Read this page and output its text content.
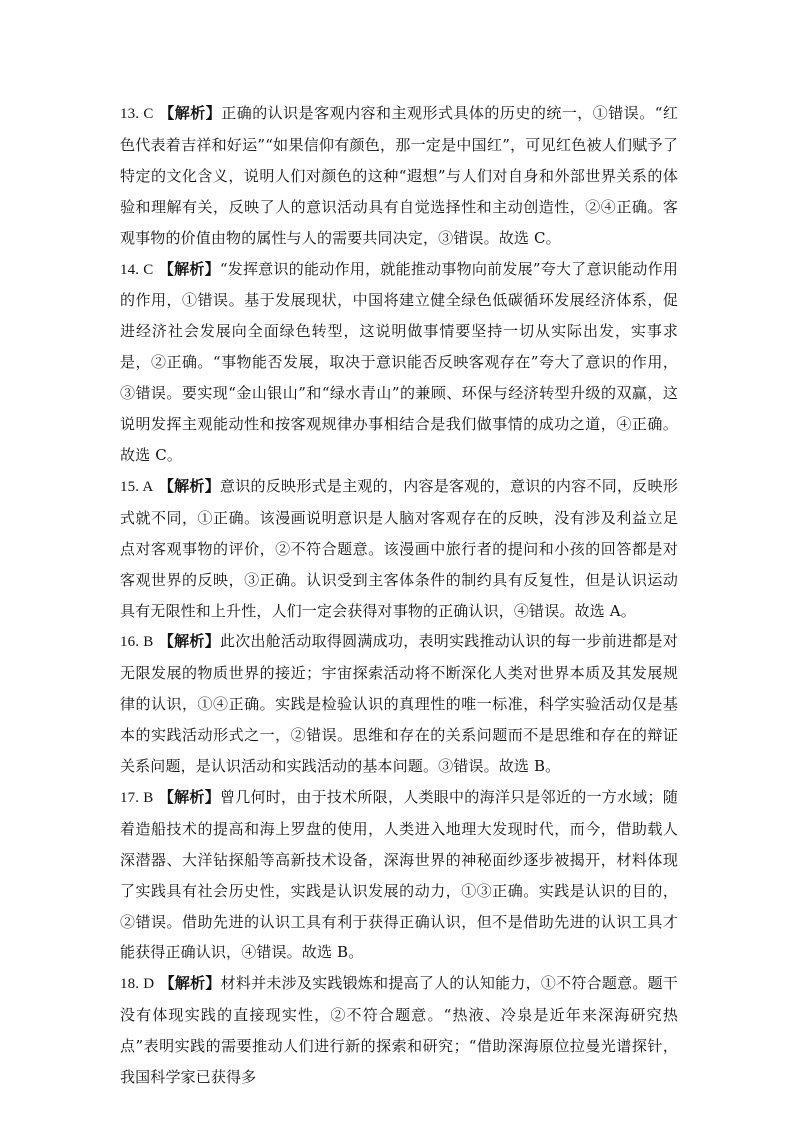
13. C 【解析】正确的认识是客观内容和主观形式具体的历史的统一，①错误。“红色代表着吉祥和好运”“如果信仰有颜色，那一定是中国红”，可见红色被人们赋予了特定的文化含义，说明人们对颜色的这种“遐想”与人们对自身和外部世界关系的体验和理解有关，反映了人的意识活动具有自觉选择性和主动创造性，②④正确。客观事物的价值由物的属性与人的需要共同决定，③错误。故选 C。

14. C 【解析】“发挥意识的能动作用，就能推动事物向前发展”夸大了意识能动作用的作用，①错误。基于发展现状，中国将建立健全绿色低碳循环发展经济体系，促进经济社会发展向全面绿色转型，这说明做事情要坚持一切从实际出发，实事求是，②正确。“事物能否发展，取决于意识能否反映客观存在”夸大了意识的作用，③错误。要实现“金山银山”和“绿水青山”的兼顾、环保与经济转型升级的双赢，这说明发挥主观能动性和按客观规律办事相结合是我们做事情的成功之道，④正确。故选 C。

15. A 【解析】意识的反映形式是主观的，内容是客观的，意识的内容不同，反映形式就不同，①正确。该漫画说明意识是人脑对客观存在的反映，没有涉及利益立足点对客观事物的评价，②不符合题意。该漫画中旅行者的提问和小孩的回答都是对客观世界的反映，③正确。认识受到主客体条件的制约具有反复性，但是认识运动具有无限性和上升性，人们一定会获得对事物的正确认识，④错误。故选 A。

16. B 【解析】此次出舱活动取得圆满成功，表明实践推动认识的每一步前进都是对无限发展的物质世界的接近；宇宙探索活动将不断深化人类对世界本质及其发展规律的认识，①④正确。实践是检验认识的真理性的唯一标准，科学实验活动仅是基本的实践活动形式之一，②错误。思维和存在的关系问题而不是思维和存在的辩证关系问题，是认识活动和实践活动的基本问题。③错误。故选 B。

17. B 【解析】曾几何时，由于技术所限，人类眼中的海洋只是邻近的一方水域；随着造船技术的提高和海上罗盘的使用，人类进入地理大发现时代，而今，借助载人深潜器、大洋钻探船等高新技术设备，深海世界的神秘面纱逐步被揭开，材料体现了实践具有社会历史性，实践是认识发展的动力，①③正确。实践是认识的目的，②错误。借助先进的认识工具有利于获得正确认识，但不是借助先进的认识工具才能获得正确认识，④错误。故选 B。

18. D 【解析】材料并未涉及实践锻炼和提高了人的认知能力，①不符合题意。题干没有体现实践的直接现实性，②不符合题意。“热液、冷泉是近年来深海研究热点”表明实践的需要推动人们进行新的探索和研究；“借助深海原位拉曼光谱探针，我国科学家已获得多
